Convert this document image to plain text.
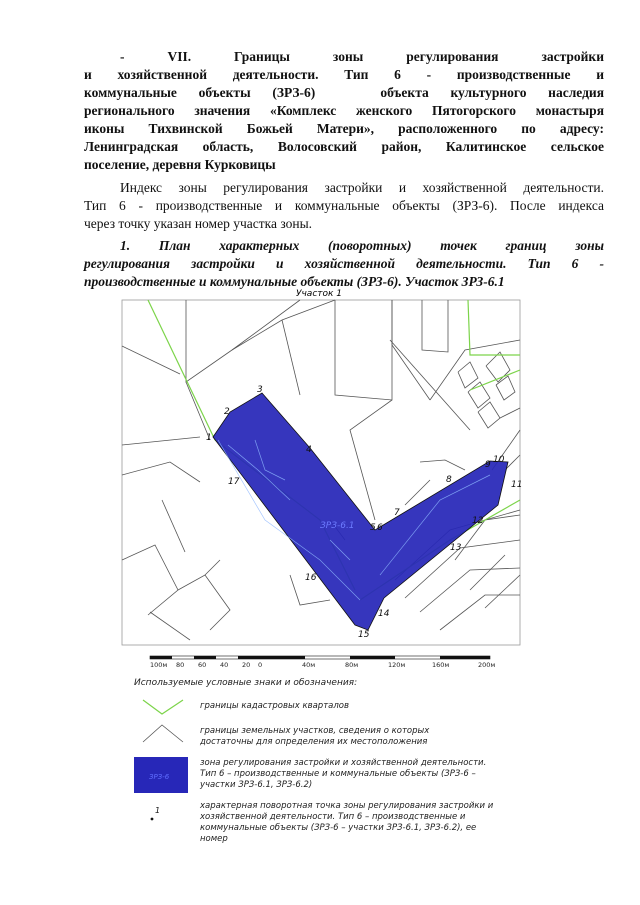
-	VII.	Границы	зоны	регулирования	застройки
и хозяйственной деятельности. Тип 6 - производственные и

коммунальные объекты (ЗРЗ-6)   объекта культурного наследия

регионального значения «Комплекс женского Пятогорского монастыря

иконы Тихвинской Божьей Матери», расположенного по адресу:

Ленинградская область, Волосовский район, Калитинское сельское

поселение, деревня Курковицы

Индекс зоны регулирования застройки и хозяйственной деятельности.

Тип 6 - производственные и коммунальные объекты (ЗРЗ-6). После индекса

через точку указан номер участка зоны.

1. План характерных (поворотных) точек границ зоны

регулирования застройки и хозяйственной деятельности. Тип 6 -

производственные и коммунальные объекты (ЗРЗ-6). Участок ЗРЗ-6.1

Участок 1
ЗРЗ-6.1
1
2
3
4
5 6
7
8
9 10
11
12
13
14
15
16
17
100м 80 60 40 20 0	40м	80м	120м	160м	200м
ЗРЗ-6
1

Используемые условные знаки и обозначения:

границы кадастровых кварталов

границы земельных участков, сведения о которых

достаточны для определения их местоположения

зона регулирования застройки и хозяйственной деятельности.

Тип 6 – производственные и коммунальные объекты (ЗРЗ-6 –

участки ЗРЗ-6.1, ЗРЗ-6.2)

характерная поворотная точка зоны регулирования застройки и

хозяйственной деятельности. Тип 6 – производственные и

коммунальные объекты (ЗРЗ-6 – участки ЗРЗ-6.1, ЗРЗ-6.2), ее

номер
